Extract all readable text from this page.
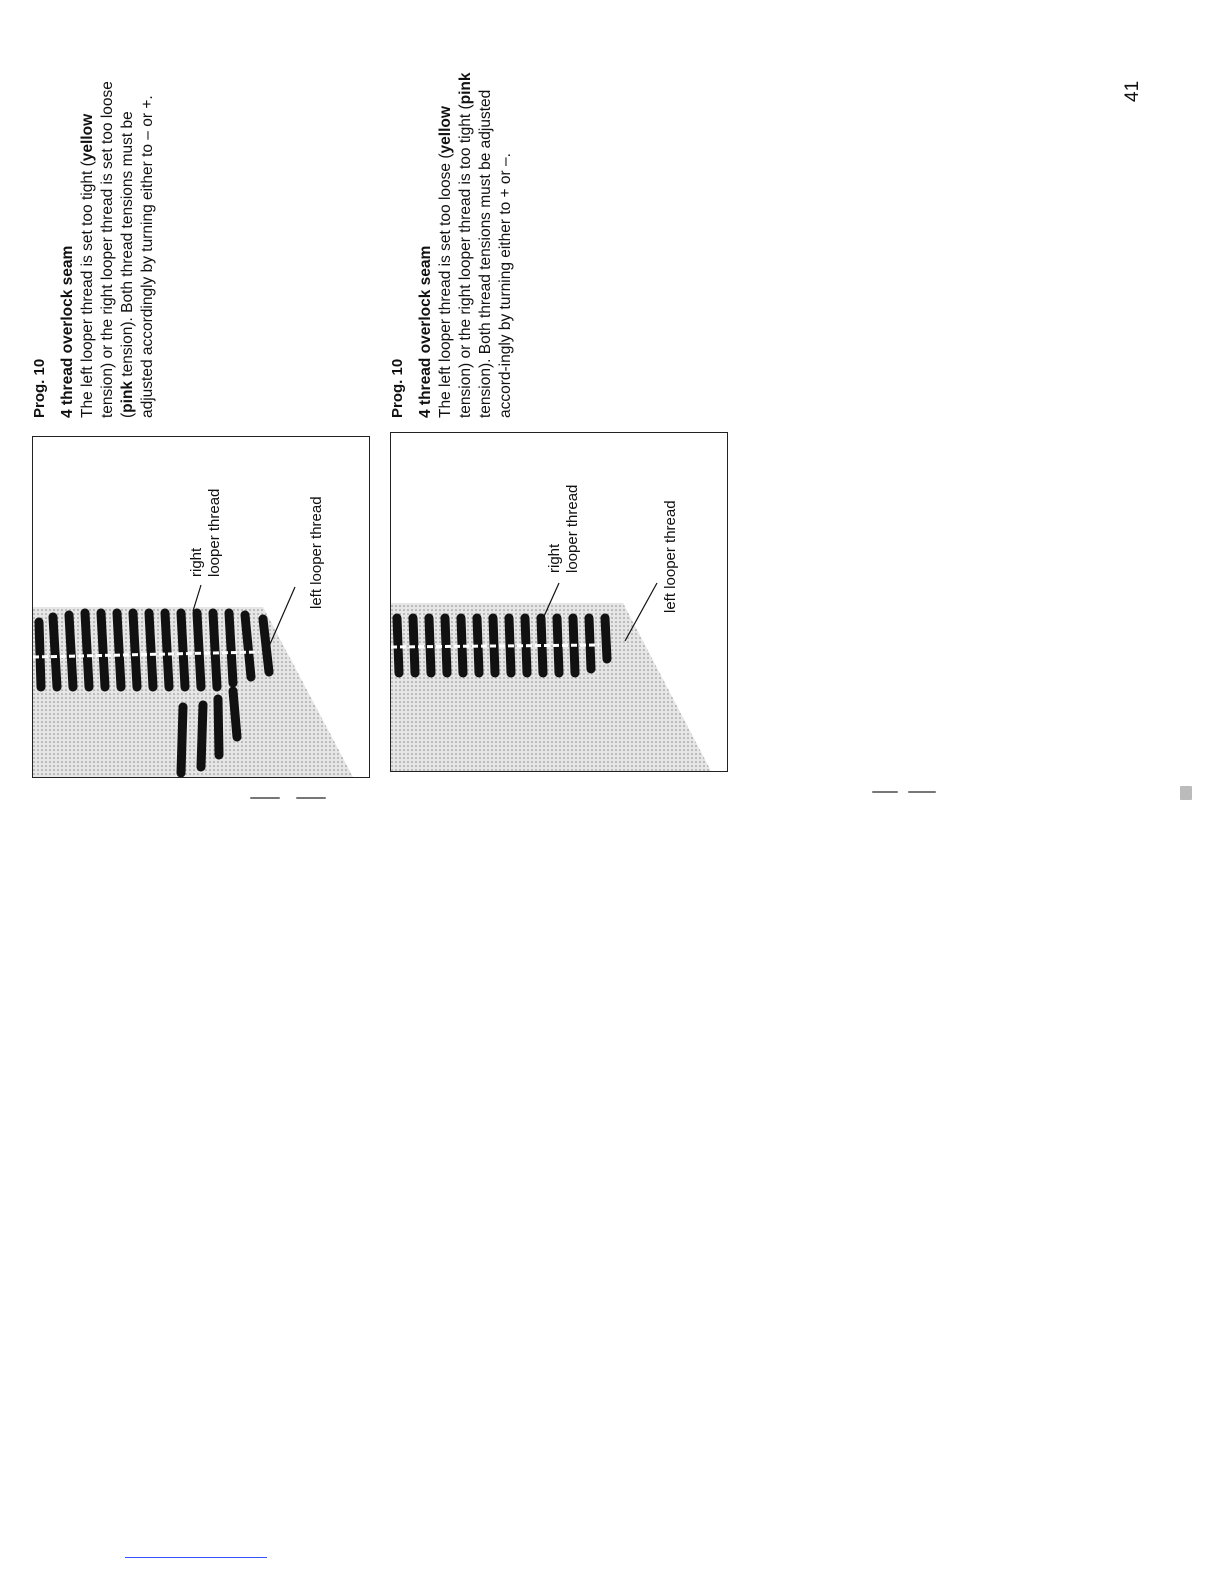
Prog. 10 4 thread overlock seam The left looper thread is set too tight (yellow tension) or the right looper thread is set too loose (pink tension). Both thread tensions must be adjusted accordingly by turning either to – or +.	Prog. 10 4 thread overlock seam The left looper thread is set too loose (yellow tension) or the right looper thread is too tight (pink tension). Both thread tensions must be adjusted accord-ingly by turning either to + or –.
right looper thread	left looper thread	right looper thread	left looper thread
41
